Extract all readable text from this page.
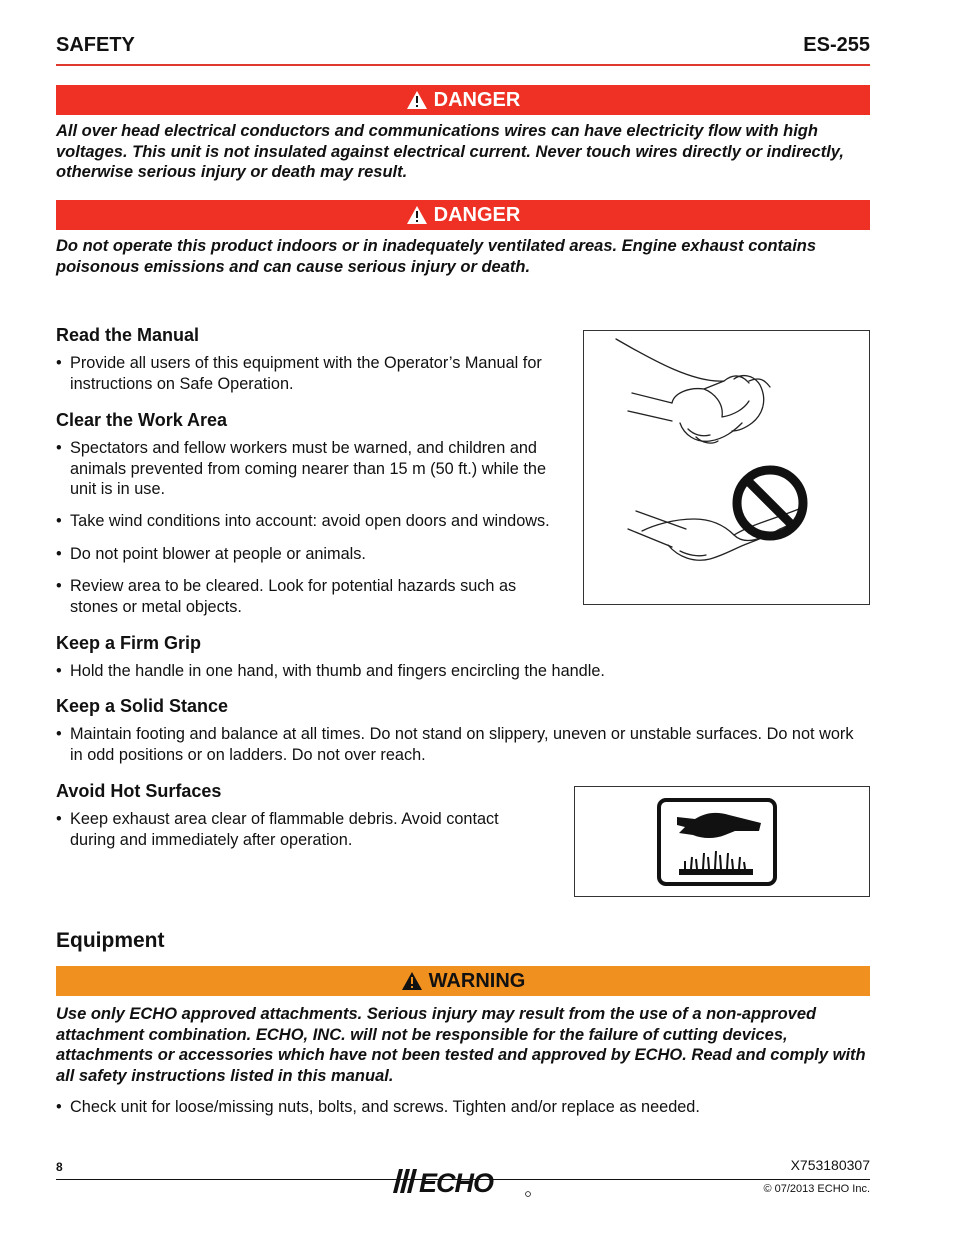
SAFETY	ES-255
DANGER
All over head electrical conductors and communications wires can have electricity flow with high voltages. This unit is not insulated against electrical current. Never touch wires directly or indirectly, otherwise serious injury or death may result.
DANGER
Do not operate this product indoors or in inadequately ventilated areas. Engine exhaust contains poisonous emissions and can cause serious injury or death.
Read the Manual
• Provide all users of this equipment with the Operator’s Manual for instructions on Safe Operation.
Clear the Work Area
• Spectators and fellow workers must be warned, and children and animals prevented from coming nearer than 15 m (50 ft.) while the unit is in use.
• Take wind conditions into account: avoid open doors and windows.
• Do not point blower at people or animals.
• Review area to be cleared. Look for potential hazards such as stones or metal objects.
Keep a Firm Grip
• Hold the handle in one hand, with thumb and fingers encircling the handle.
Keep a Solid Stance
• Maintain footing and balance at all times. Do not stand on slippery, uneven or unstable surfaces. Do not work in odd positions or on ladders. Do not over reach.
Avoid Hot Surfaces
• Keep exhaust area clear of flammable debris. Avoid contact during and immediately after operation.
Equipment
WARNING
Use only ECHO approved attachments. Serious injury may result from the use of a non-approved attachment combination. ECHO, INC. will not be responsible for the failure of cutting devices, attachments or accessories which have not been tested and approved by ECHO. Read and comply with all safety instructions listed in this manual.
• Check unit for loose/missing nuts, bolts, and screws. Tighten and/or replace as needed.
8	X753180307
ECHO	© 07/2013 ECHO Inc.
